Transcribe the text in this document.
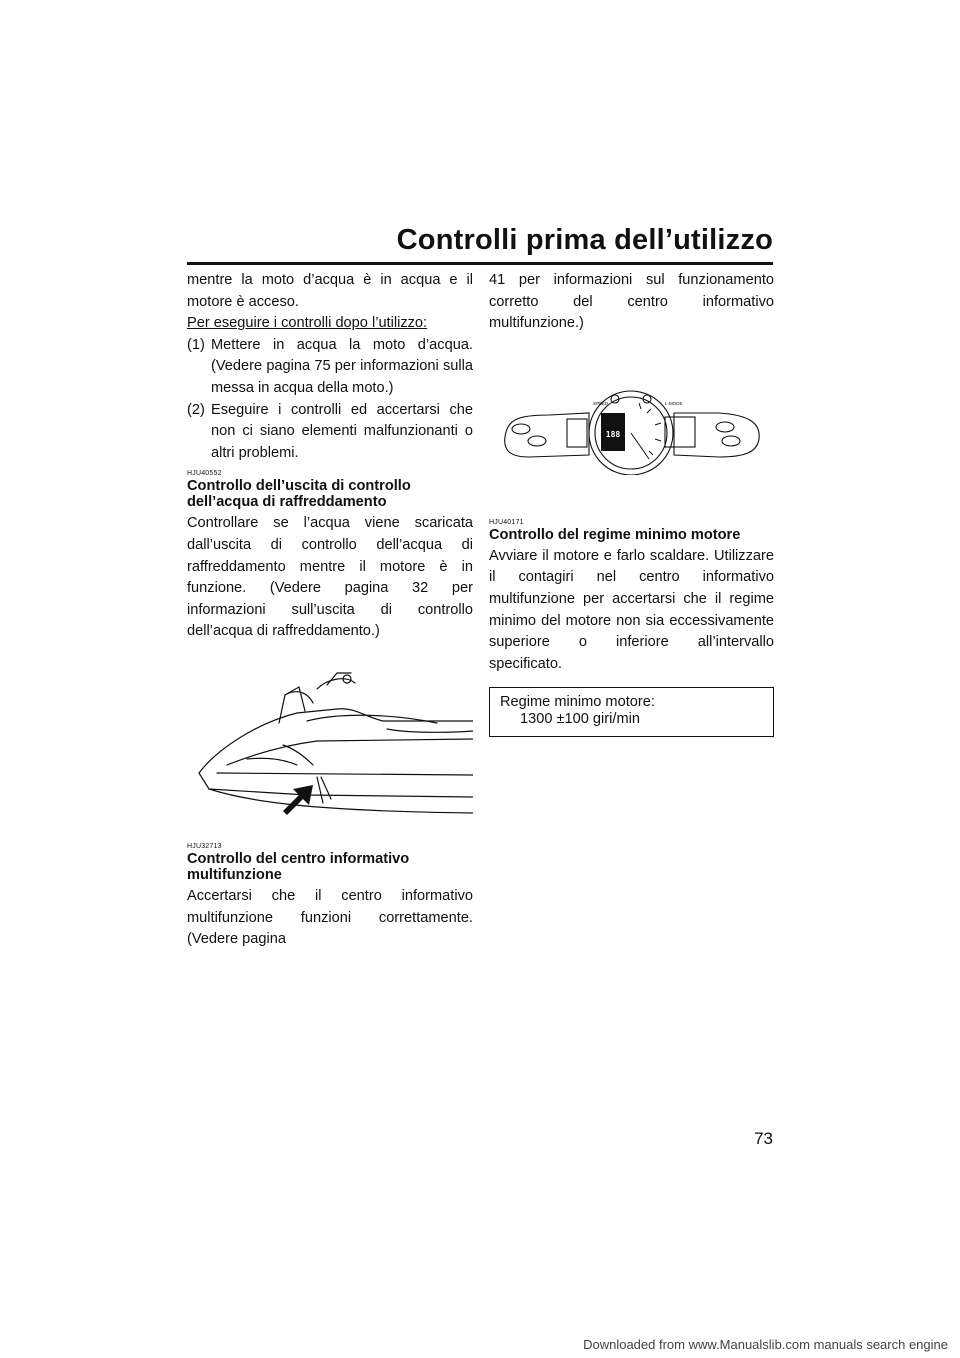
Controlli prima dell’utilizzo

mentre la moto d’acqua è in acqua e il motore è acceso.

Per eseguire i controlli dopo l’utilizzo:

(1) Mettere in acqua la moto d’acqua. (Vedere pagina 75 per informazioni sulla messa in acqua della moto.)
(2) Eseguire i controlli ed accertarsi che non ci siano elementi malfunzionanti o altri problemi.
HJU40552
Controllo dell’uscita di controllo dell’acqua di raffreddamento

Controllare se l’acqua viene scaricata dall’uscita di controllo dell’acqua di raffreddamento mentre il motore è in funzione. (Vedere pagina 32 per informazioni sull’uscita di controllo dell’acqua di raffreddamento.)

HJU32713
Controllo del centro informativo multifunzione

Accertarsi che il centro informativo multifunzione funzioni correttamente. (Vedere pagina

41 per informazioni sul funzionamento corretto del centro informativo multifunzione.)

188
SPEED	L-MODE
HJU40171
Controllo del regime minimo motore

Avviare il motore e farlo scaldare. Utilizzare il contagiri nel centro informativo multifunzione per accertarsi che il regime minimo del motore non sia eccessivamente superiore o inferiore all’intervallo specificato.

Regime minimo motore:
1300 ±100 giri/min
73
Downloaded from www.Manualslib.com manuals search engine
